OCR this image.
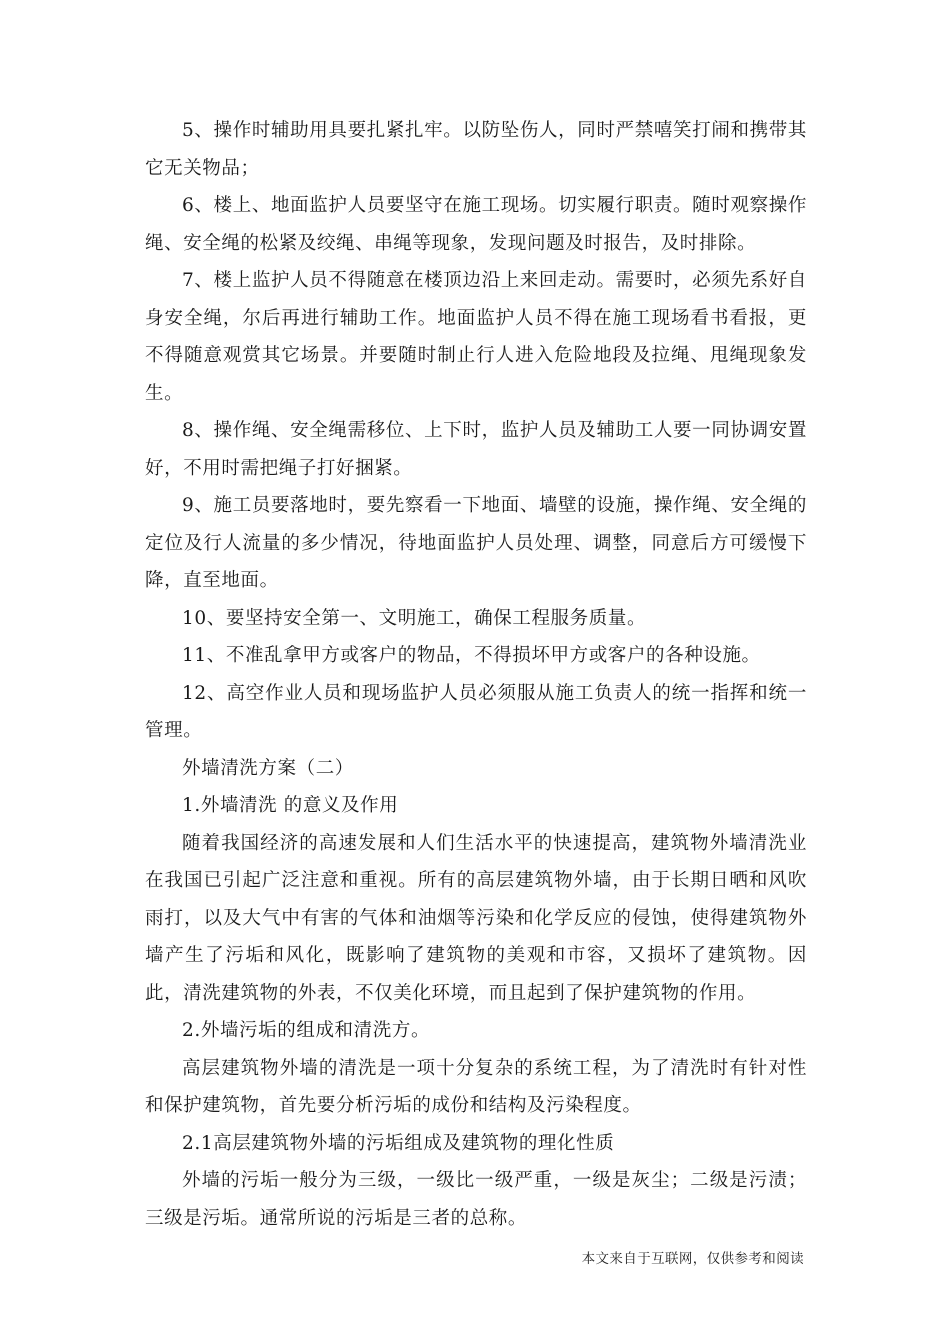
5、操作时辅助用具要扎紧扎牢。以防坠伤人，同时严禁嘻笑打闹和携带其它无关物品；

6、楼上、地面监护人员要坚守在施工现场。切实履行职责。随时观察操作绳、安全绳的松紧及绞绳、串绳等现象，发现问题及时报告，及时排除。

7、楼上监护人员不得随意在楼顶边沿上来回走动。需要时，必须先系好自身安全绳，尔后再进行辅助工作。地面监护人员不得在施工现场看书看报，更不得随意观赏其它场景。并要随时制止行人进入危险地段及拉绳、甩绳现象发生。

8、操作绳、安全绳需移位、上下时，监护人员及辅助工人要一同协调安置好，不用时需把绳子打好捆紧。

9、施工员要落地时，要先察看一下地面、墙壁的设施，操作绳、安全绳的定位及行人流量的多少情况，待地面监护人员处理、调整，同意后方可缓慢下降，直至地面。

10、要坚持安全第一、文明施工，确保工程服务质量。

11、不准乱拿甲方或客户的物品，不得损坏甲方或客户的各种设施。

12、高空作业人员和现场监护人员必须服从施工负责人的统一指挥和统一管理。

外墙清洗方案（二）

1.外墙清洗 的意义及作用

随着我国经济的高速发展和人们生活水平的快速提高，建筑物外墙清洗业在我国已引起广泛注意和重视。所有的高层建筑物外墙，由于长期日晒和风吹雨打，以及大气中有害的气体和油烟等污染和化学反应的侵蚀，使得建筑物外墙产生了污垢和风化，既影响了建筑物的美观和市容，又损坏了建筑物。因此，清洗建筑物的外表，不仅美化环境，而且起到了保护建筑物的作用。

2.外墙污垢的组成和清洗方。

高层建筑物外墙的清洗是一项十分复杂的系统工程，为了清洗时有针对性和保护建筑物，首先要分析污垢的成份和结构及污染程度。

2.1高层建筑物外墙的污垢组成及建筑物的理化性质

外墙的污垢一般分为三级，一级比一级严重，一级是灰尘；二级是污渍；三级是污垢。通常所说的污垢是三者的总称。

本文来自于互联网，仅供参考和阅读
